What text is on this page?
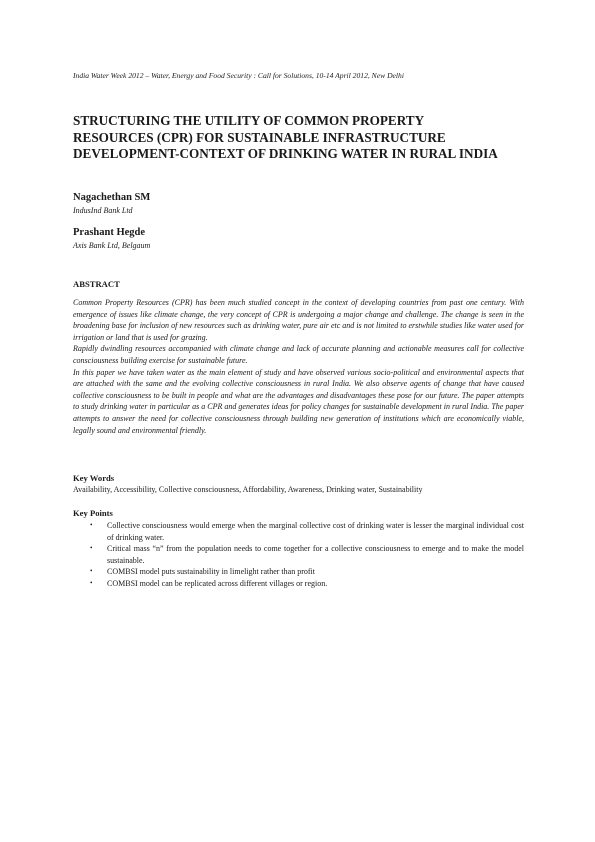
India Water Week 2012 – Water, Energy and Food Security : Call for Solutions, 10-14 April 2012, New Delhi
STRUCTURING THE UTILITY OF COMMON PROPERTY
RESOURCES (CPR) FOR SUSTAINABLE INFRASTRUCTURE
DEVELOPMENT-CONTEXT OF DRINKING WATER IN RURAL INDIA
Nagachethan SM
IndusInd Bank Ltd
Prashant Hegde
Axis Bank Ltd, Belgaum
ABSTRACT

Common Property Resources (CPR) has been much studied concept in the context of developing countries from past one century. With emergence of issues like climate change, the very concept of CPR is undergoing a major change and challenge. The change is seen in the broadening base for inclusion of new resources such as drinking water, pure air etc and is not limited to erstwhile studies like water used for irrigation or land that is used for grazing.

Rapidly dwindling resources accompanied with climate change and lack of accurate planning and actionable measures call for collective consciousness building exercise for sustainable future.

In this paper we have taken water as the main element of study and have observed various socio-political and environmental aspects that are attached with the same and the evolving collective consciousness in rural India. We also observe agents of change that have caused collective consciousness to be built in people and what are the advantages and disadvantages these pose for our future. The paper attempts to study drinking water in particular as a CPR and generates ideas for policy changes for sustainable development in rural India. The paper attempts to answer the need for collective consciousness through building new generation of institutions which are economically viable, legally sound and environmental friendly.

Key Words
Availability, Accessibility, Collective consciousness, Affordability, Awareness, Drinking water, Sustainability
Key Points
• Collective consciousness would emerge when the marginal collective cost of drinking water is lesser the marginal individual cost of drinking water.
• Critical mass “n” from the population needs to come together for a collective consciousness to emerge and to make the model sustainable.
• COMBSI model puts sustainability in limelight rather than profit
• COMBSI model can be replicated across different villages or region.
